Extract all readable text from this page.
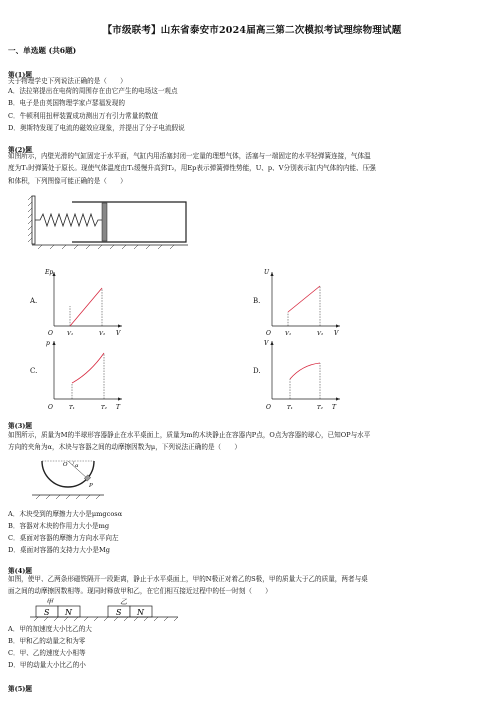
【市级联考】山东省泰安市2024届高三第二次模拟考试理综物理试题
一、单选题 (共6题)
第(1)题
关于物理学史下列说法正确的是（　　）
A．法拉第提出在电荷的周围存在由它产生的电场这一观点
B．电子是由英国物理学家卢瑟福发现的
C．牛顿利用扭秤装置成功测出万有引力常量的数值
D．奥斯特发现了电流的磁效应现象，并提出了分子电流假说
第(2)题
如图所示，内壁光滑的气缸固定于水平面，气缸内用活塞封闭一定量的理想气体，活塞与一端固定的水平轻弹簧连接，气体温
度为T₁时弹簧处于原长。现使气体温度由T₁缓慢升高到T₂，用Ep表示弹簧弹性势能，U、p、V分别表示缸内气体的内能、压强
和体积，下列图像可能正确的是（　　）
A.
Ep
O	V₁	V₂ V
B.
U
O	V₁	V₂ V
C.
p
O	T₁	T₂ T
D.
V
O	T₁	T₂ T
第(3)题
如图所示，质量为M的半球形容器静止在水平桌面上，质量为m的木块静止在容器内P点，O点为容器的球心，已知OP与水平
方向的夹角为α，木块与容器之间的动摩擦因数为μ，下列说法正确的是（　　）
O α
P
A．木块受到的摩擦力大小是μmgcosα
B．容器对木块的作用力大小是mg
C．桌面对容器的摩擦力方向水平向左
D．桌面对容器的支持力大小是Mg
第(4)题
如图，使甲、乙两条形磁铁隔开一段距离，静止于水平桌面上，甲的N极正对着乙的S极，甲的质量大于乙的质量，两者与桌
面之间的动摩擦因数相等。现同时释放甲和乙，在它们相互接近过程中的任一时刻（　　）
甲	乙
S N	S N
A．甲的加速度大小比乙的大
B．甲和乙的动量之和为零
C．甲、乙的速度大小相等
D．甲的动量大小比乙的小
第(5)题
